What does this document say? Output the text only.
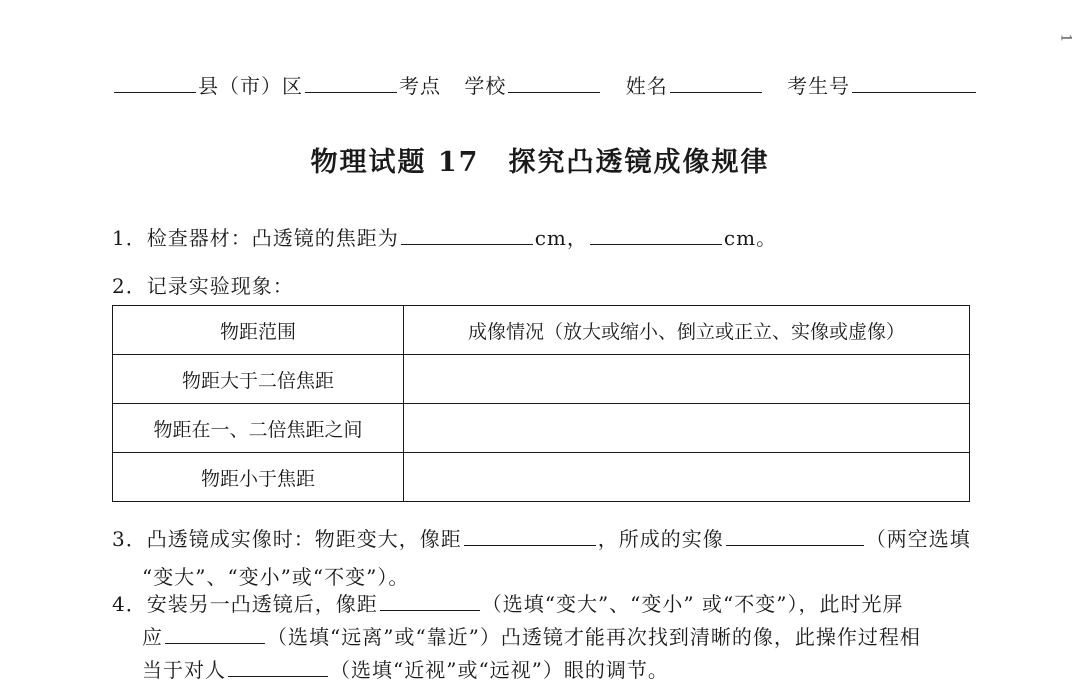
1
县（市）区	考点 学校	姓名	考生号
物理试题 17　探究凸透镜成像规律
1．检查器材：凸透镜的焦距为	cm，	cm。
2．记录实验现象：
物距范围	成像情况（放大或缩小、倒立或正立、实像或虚像）
物距大于二倍焦距	
物距在一、二倍焦距之间	
物距小于焦距	
3．凸透镜成实像时：物距变大，像距	，所成的实像	（两空选填
“变大”、“变小”或“不变”）。
4．安装另一凸透镜后，像距	（选填“变大”、“变小” 或“不变”），此时光屏
应	（选填“远离”或“靠近”）凸透镜才能再次找到清晰的像，此操作过程相
当于对人	（选填“近视”或“远视”）眼的调节。
